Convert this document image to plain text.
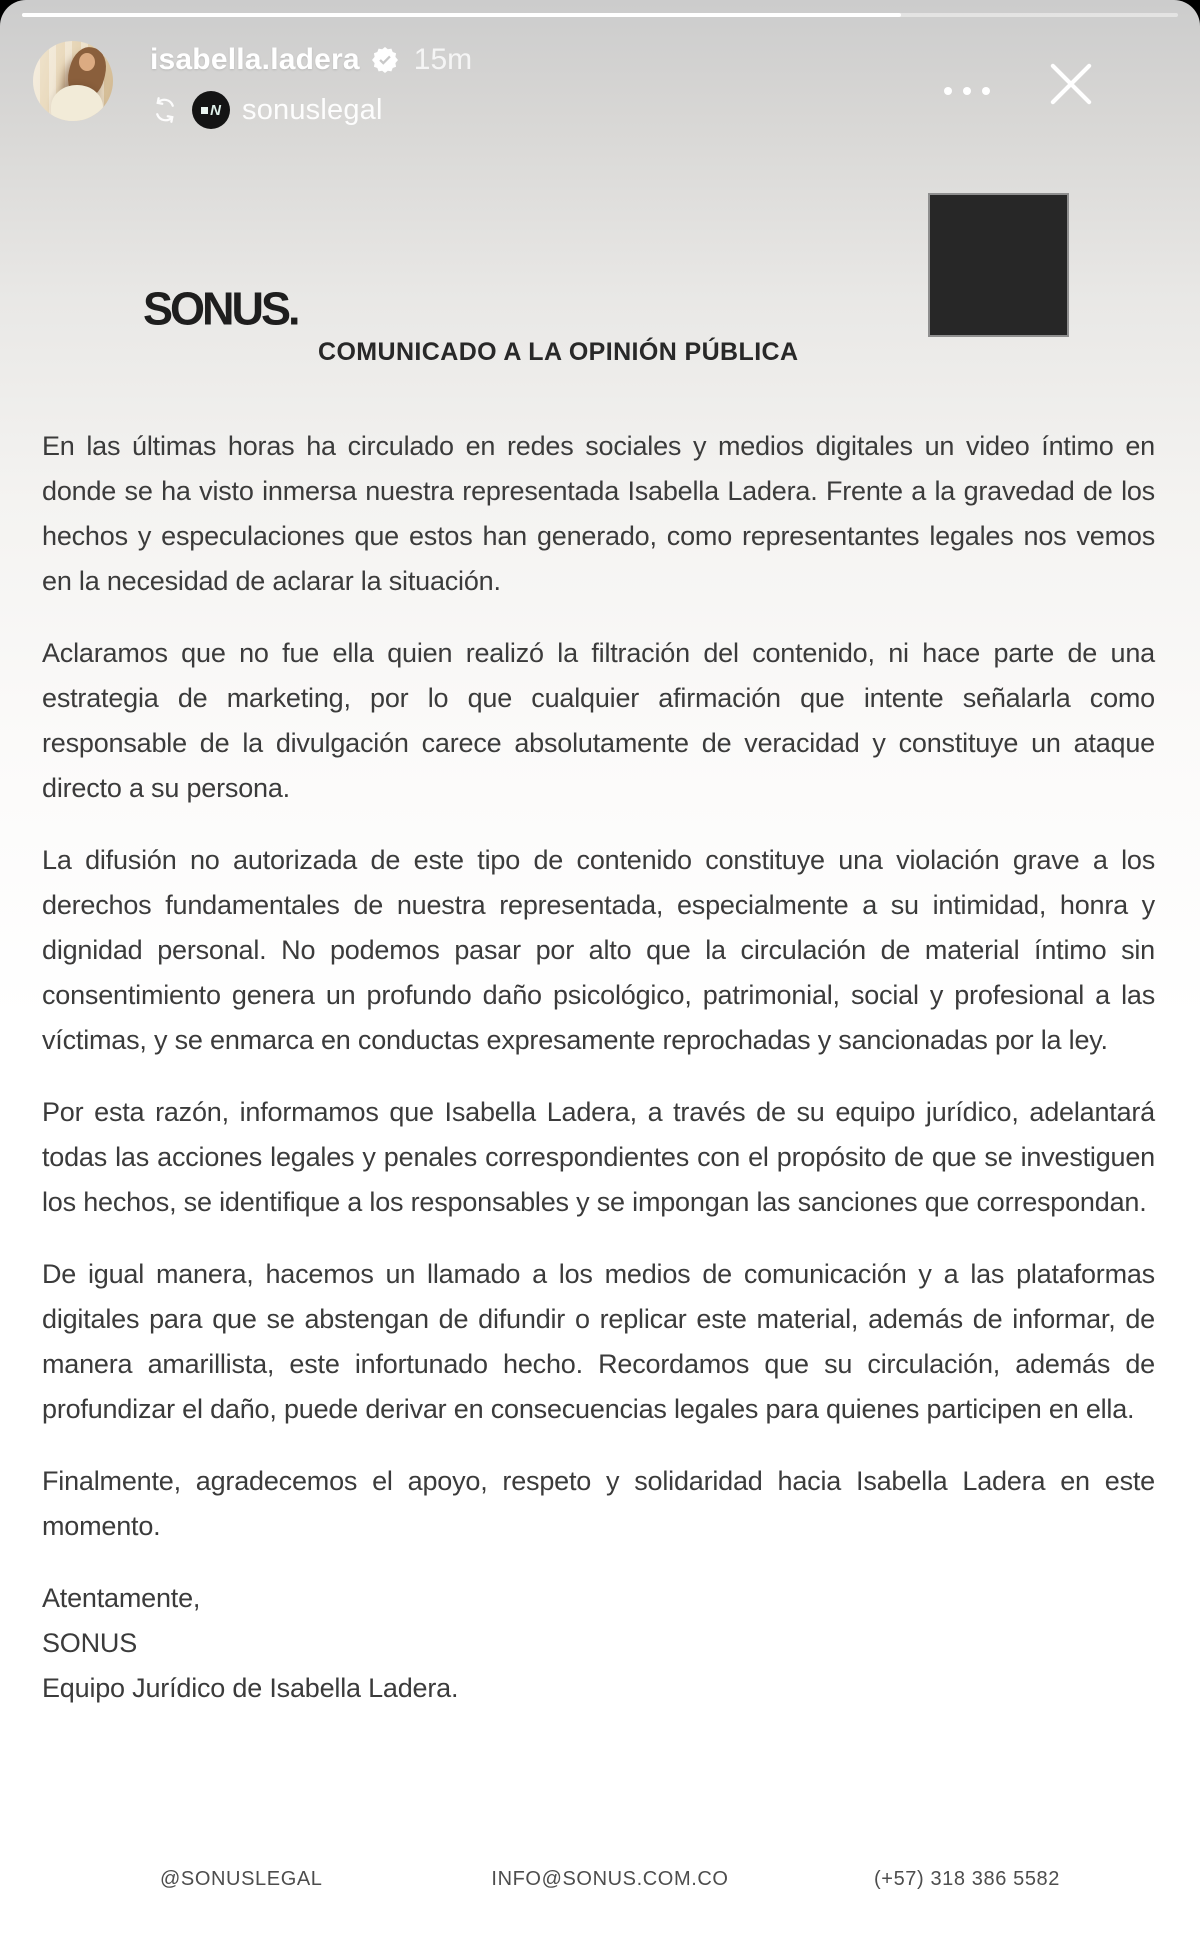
isabella.ladera 15m
N sonuslegal
SONUS.
COMUNICADO A LA OPINIÓN PÚBLICA

En las últimas horas ha circulado en redes sociales y medios digitales un video íntimo en donde se ha visto inmersa nuestra representada Isabella Ladera. Frente a la gravedad de los hechos y especulaciones que estos han generado, como representantes legales nos vemos en la necesidad de aclarar la situación.

Aclaramos que no fue ella quien realizó la filtración del contenido, ni hace parte de una estrategia de marketing, por lo que cualquier afirmación que intente señalarla como responsable de la divulgación carece absolutamente de veracidad y constituye un ataque directo a su persona.

La difusión no autorizada de este tipo de contenido constituye una violación grave a los derechos fundamentales de nuestra representada, especialmente a su intimidad, honra y dignidad personal. No podemos pasar por alto que la circulación de material íntimo sin consentimiento genera un profundo daño psicológico, patrimonial, social y profesional a las víctimas, y se enmarca en conductas expresamente reprochadas y sancionadas por la ley.

Por esta razón, informamos que Isabella Ladera, a través de su equipo jurídico, adelantará todas las acciones legales y penales correspondientes con el propósito de que se investiguen los hechos, se identifique a los responsables y se impongan las sanciones que correspondan.

De igual manera, hacemos un llamado a los medios de comunicación y a las plataformas digitales para que se abstengan de difundir o replicar este material, además de informar, de manera amarillista, este infortunado hecho. Recordamos que su circulación, además de profundizar el daño, puede derivar en consecuencias legales para quienes participen en ella.

Finalmente, agradecemos el apoyo, respeto y solidaridad hacia Isabella Ladera en este momento.

Atentamente,
SONUS
Equipo Jurídico de Isabella Ladera.
@SONUSLEGAL	INFO@SONUS.COM.CO	(+57) 318 386 5582
